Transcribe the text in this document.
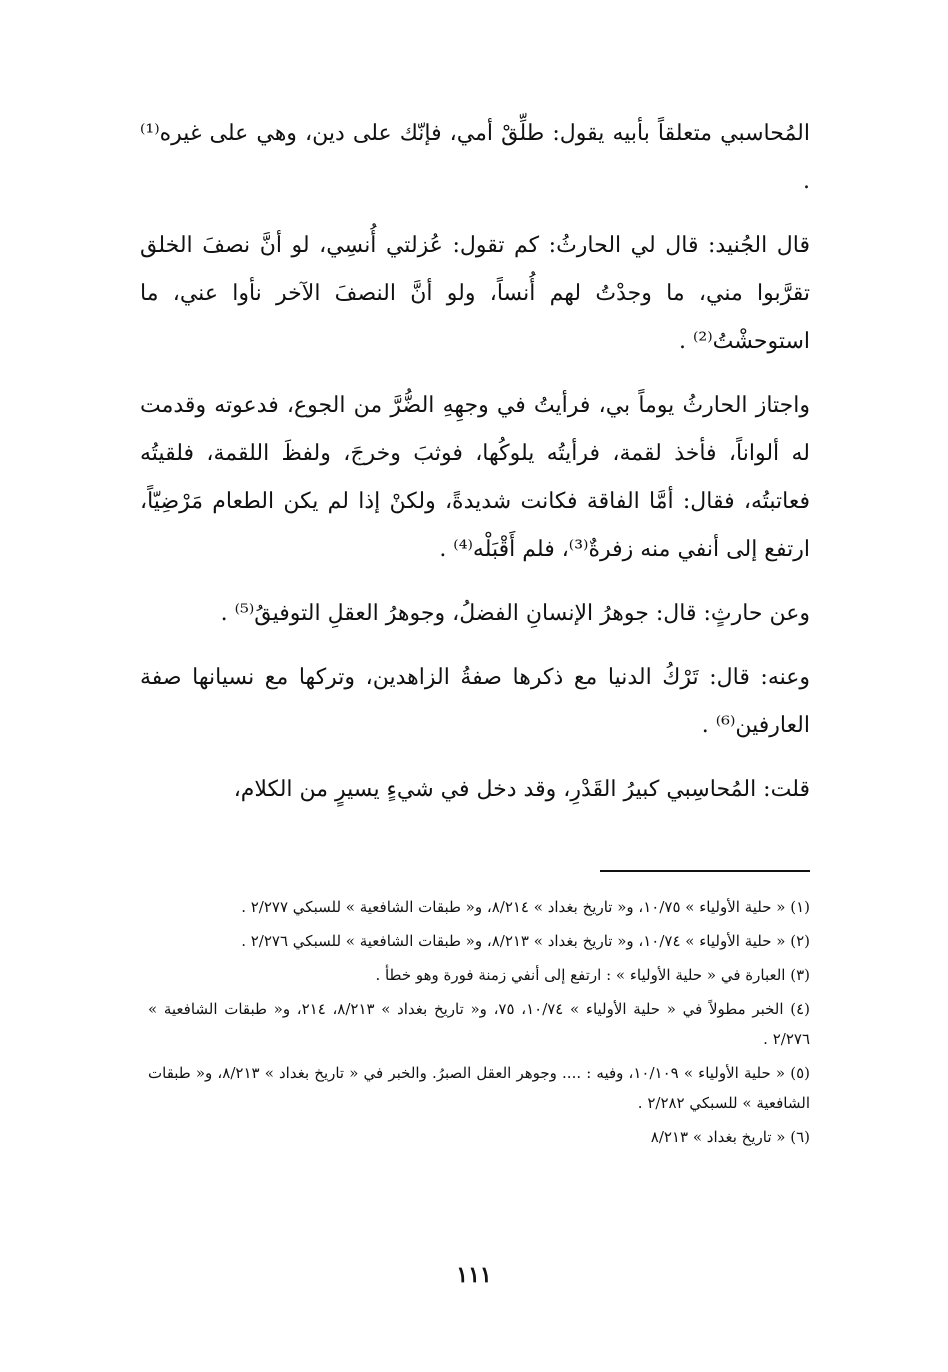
المُحاسبي متعلقاً بأبيه يقول: طلِّقْ أمي، فإنّك على دين، وهي على غيره⁽¹⁾ .

قال الجُنيد: قال لي الحارثُ: كم تقول: عُزلتي أُنسِي، لو أنَّ نصفَ الخلق تقرَّبوا مني، ما وجدْتُ لهم أُنساً، ولو أنَّ النصفَ الآخر نأوا عني، ما استوحشْتُ⁽²⁾ .

واجتاز الحارثُ يوماً بي، فرأيتُ في وجهِهِ الضُّرَّ من الجوع، فدعوته وقدمت له ألواناً، فأخذ لقمة، فرأيتُه يلوكُها، فوثبَ وخرجَ، ولفظَ اللقمة، فلقيتُه فعاتبتُه، فقال: أمَّا الفاقة فكانت شديدةً، ولكنْ إذا لم يكن الطعام مَرْضِيّاً، ارتفع إلى أنفي منه زفرةٌ⁽³⁾، فلم أَقْبَلْه⁽⁴⁾ .

وعن حارثٍ: قال: جوهرُ الإنسانِ الفضلُ، وجوهرُ العقلِ التوفيقُ⁽⁵⁾ .

وعنه: قال: تَرْكُ الدنيا مع ذكرها صفةُ الزاهدين، وتركها مع نسيانها صفة العارفين⁽⁶⁾ .

قلت: المُحاسِبي كبيرُ القَدْرِ، وقد دخل في شيءٍ يسيرٍ من الكلام،

(١) « حلية الأولياء » ١٠/٧٥، و« تاريخ بغداد » ٨/٢١٤، و« طبقات الشافعية » للسبكي ٢/٢٧٧ .

(٢) « حلية الأولياء » ١٠/٧٤، و« تاريخ بغداد » ٨/٢١٣، و« طبقات الشافعية » للسبكي ٢/٢٧٦ .

(٣) العبارة في « حلية الأولياء » : ارتفع إلى أنفي زمنة فورة وهو خطأ .

(٤) الخبر مطولاً في « حلية الأولياء » ١٠/٧٤، ٧٥، و« تاريخ بغداد » ٨/٢١٣، ٢١٤، و« طبقات الشافعية » ٢/٢٧٦ .

(٥) « حلية الأولياء » ١٠/١٠٩، وفيه : .... وجوهر العقل الصبرُ. والخبر في « تاريخ بغداد » ٨/٢١٣، و« طبقات الشافعية » للسبكي ٢/٢٨٢ .

(٦) « تاريخ بغداد » ٨/٢١٣

١١١
